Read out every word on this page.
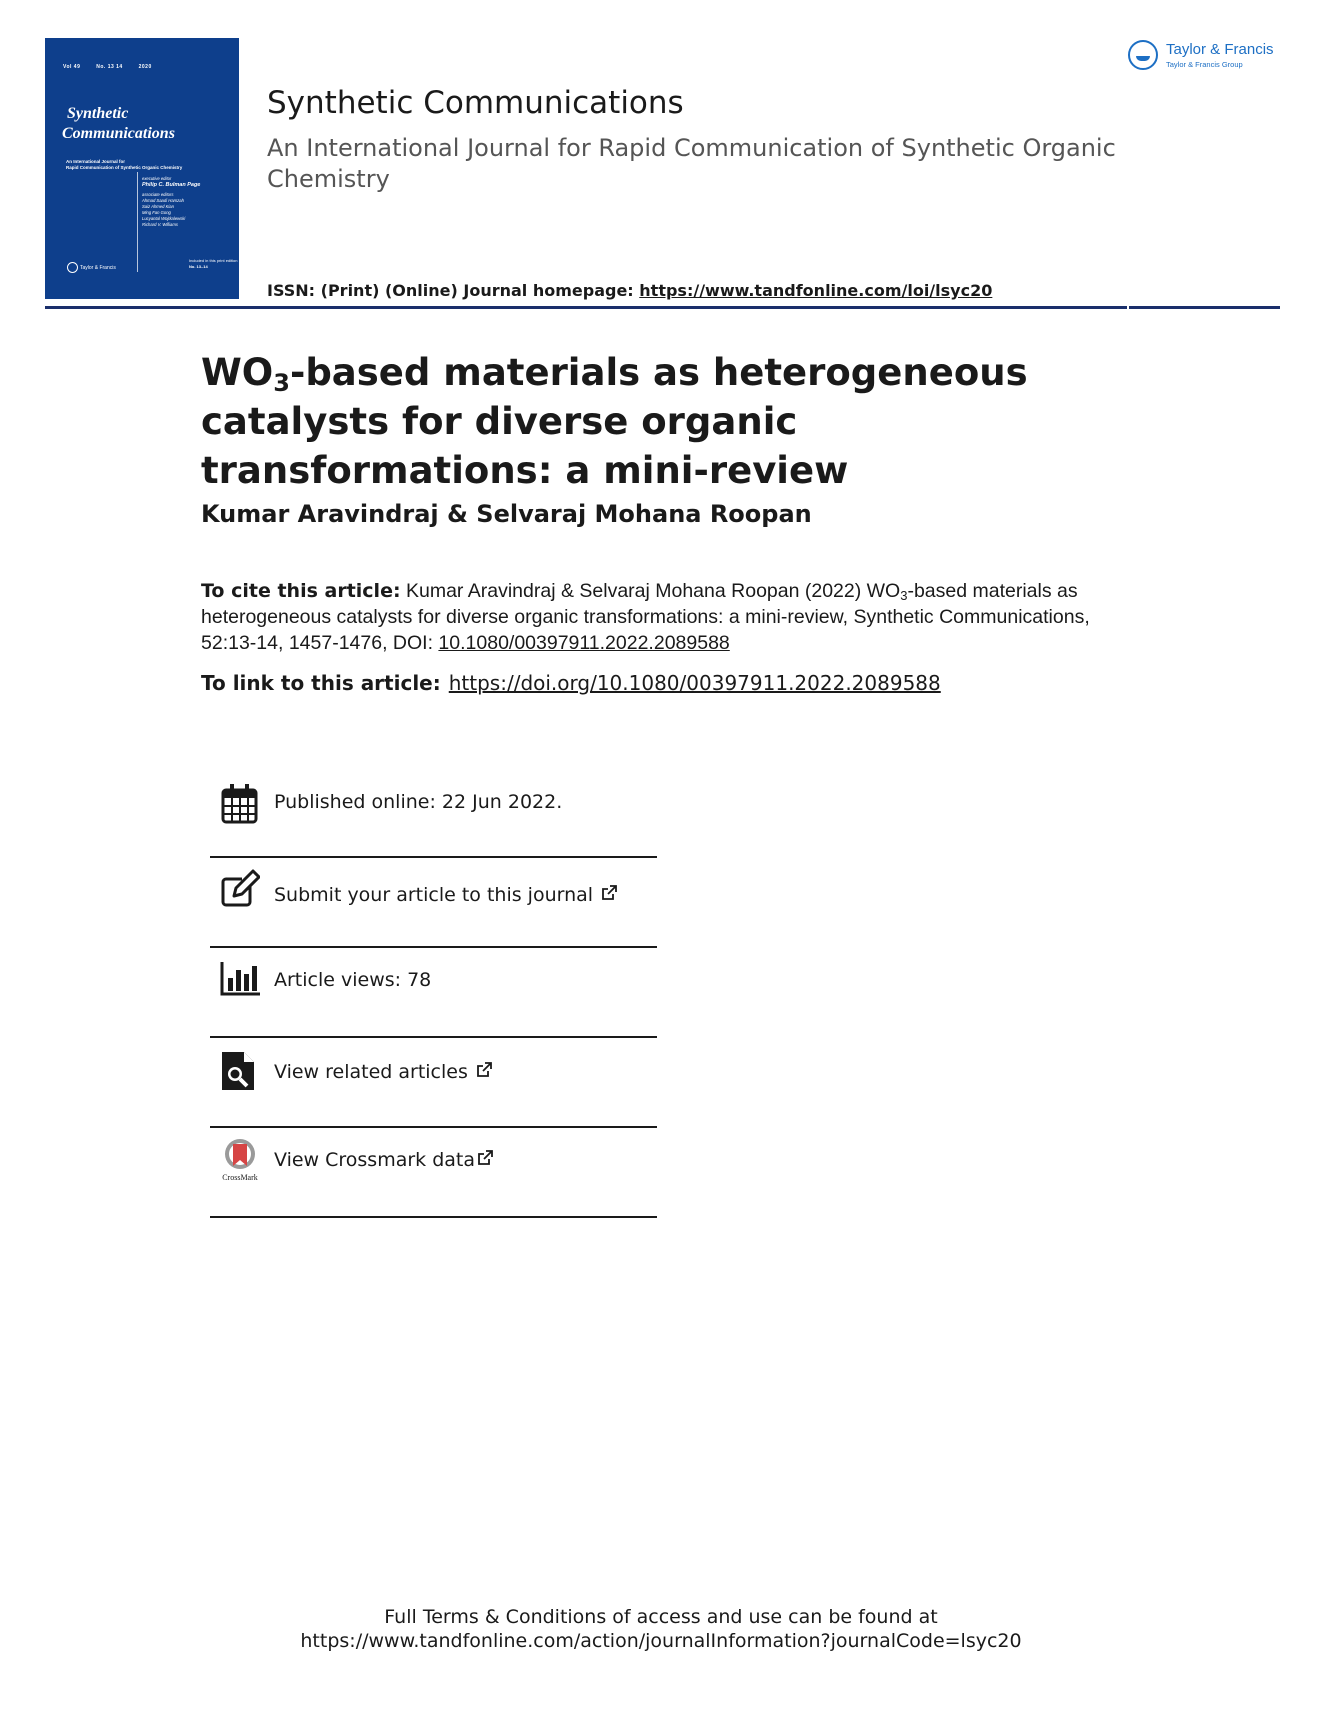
Vol 49	No. 13 14	2020
Synthetic
Communications
An International Journal for
Rapid Communication of Synthetic Organic Chemistry
executive editor
Philip C. Bulman Page
associate editors
Ahmad Saadi Hamzah
Saiz Ahmed Kian
Ming Fan Gong
Lucyantal Wojtkalewski
Richard V. Williams
Taylor & Francis
Included in this print edition
No. 13–14
Synthetic Communications
An International Journal for Rapid Communication of Synthetic Organic Chemistry
ISSN: (Print) (Online) Journal homepage: https://www.tandfonline.com/loi/lsyc20
Taylor & Francis
Taylor & Francis Group
$WO_3$-based materials as heterogeneous catalysts for diverse organic transformations: a mini-review
Kumar Aravindraj & Selvaraj Mohana Roopan
To cite this article: Kumar Aravindraj & Selvaraj Mohana Roopan (2022) $WO_3$-based materials as heterogeneous catalysts for diverse organic transformations: a mini-review, Synthetic Communications, 52:13-14, 1457-1476, DOI: 10.1080/00397911.2022.2089588
To link to this article: https://doi.org/10.1080/00397911.2022.2089588
Published online: 22 Jun 2022.
Submit your article to this journal
Article views: 78
View related articles
CrossMark
View Crossmark data
Full Terms & Conditions of access and use can be found at
https://www.tandfonline.com/action/journalInformation?journalCode=lsyc20
